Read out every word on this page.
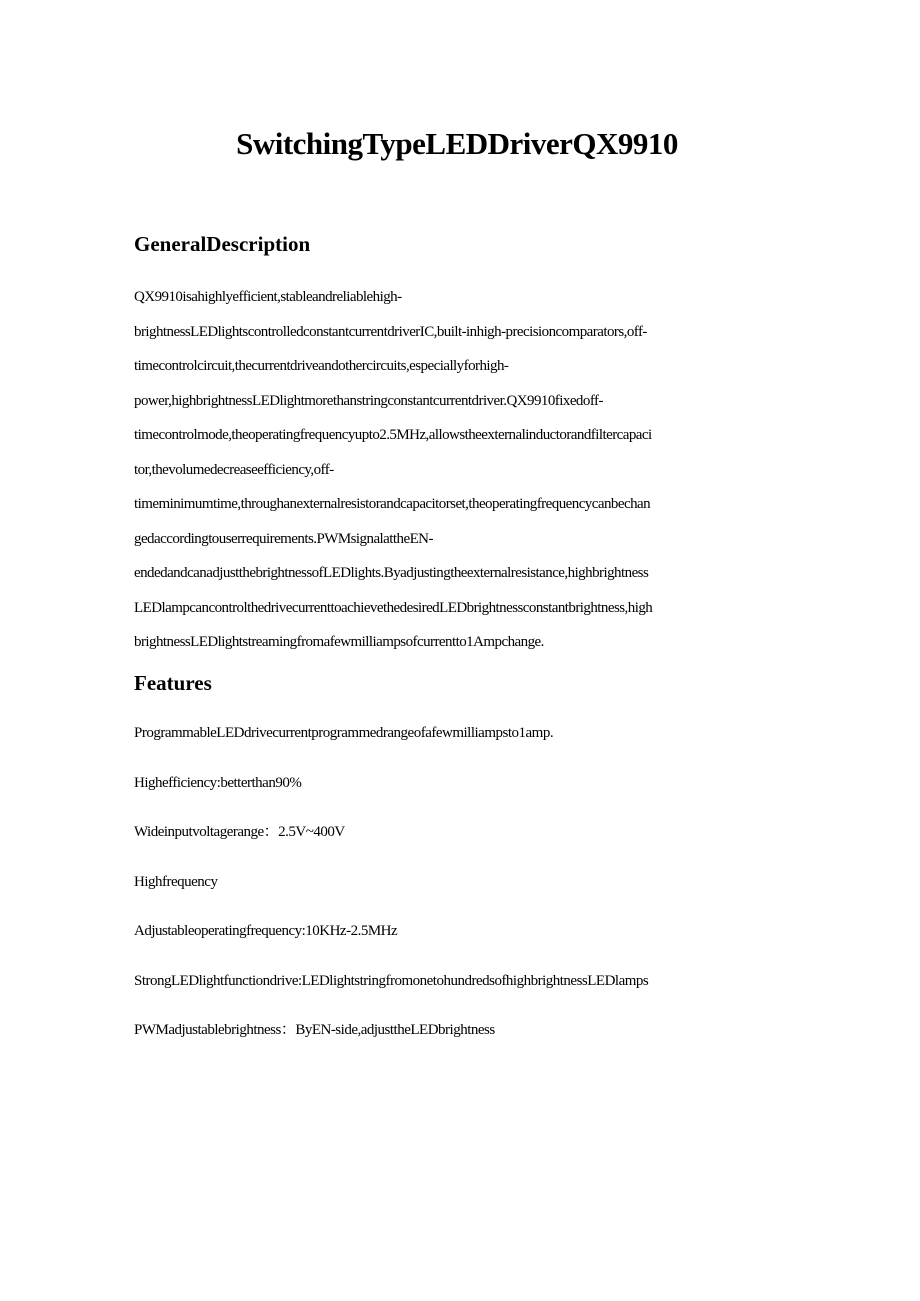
SwitchingTypeLEDDriverQX9910
GeneralDescription

QX9910isahighlyefficient,stableandreliablehigh-
brightnessLEDlightscontrolledconstantcurrentdriverIC,built-inhigh-precisioncomparators,off-
timecontrolcircuit,thecurrentdriveandothercircuits,especiallyforhigh-
power,highbrightnessLEDlightmorethanstringconstantcurrentdriver.QX9910fixedoff-
timecontrolmode,theoperatingfrequencyupto2.5MHz,allowstheexternalinductorandfiltercapaci
tor,thevolumedecreaseefficiency,off-
timeminimumtime,throughanexternalresistorandcapacitorset,theoperatingfrequencycanbechan
gedaccordingtouserrequirements.PWMsignalattheEN-
endedandcanadjustthebrightnessofLEDlights.Byadjustingtheexternalresistance,highbrightness
LEDlampcancontrolthedrivecurrenttoachievethedesiredLEDbrightnessconstantbrightness,high
brightnessLEDlightstreamingfromafewmilliampsofcurrentto1Ampchange.

Features
ProgrammableLEDdrivecurrentprogrammedrangeofafewmilliampsto1amp.
Highefficiency:betterthan90%
Wideinputvoltagerange：2.5V~400V
Highfrequency
Adjustableoperatingfrequency:10KHz-2.5MHz
StrongLEDlightfunctiondrive:LEDlightstringfromonetohundredsofhighbrightnessLEDlamps
PWMadjustablebrightness：ByEN-side,adjusttheLEDbrightness
